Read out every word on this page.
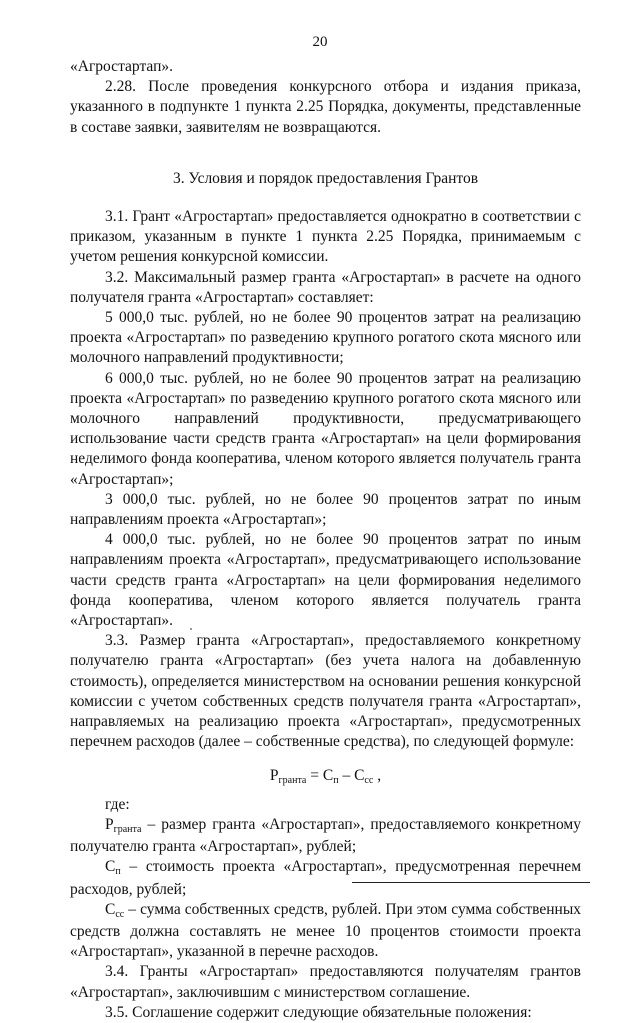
20

«Агростартап».

2.28. После проведения конкурсного отбора и издания приказа, указанного в подпункте 1 пункта 2.25 Порядка, документы, представленные в составе заявки, заявителям не возвращаются.

3. Условия и порядок предоставления Грантов

3.1. Грант «Агростартап» предоставляется однократно в соответствии с приказом, указанным в пункте 1 пункта 2.25 Порядка, принимаемым с учетом решения конкурсной комиссии.

3.2. Максимальный размер гранта «Агростартап» в расчете на одного получателя гранта «Агростартап» составляет:

5 000,0 тыс. рублей, но не более 90 процентов затрат на реализацию проекта «Агростартап» по разведению крупного рогатого скота мясного или молочного направлений продуктивности;

6 000,0 тыс. рублей, но не более 90 процентов затрат на реализацию проекта «Агростартап» по разведению крупного рогатого скота мясного или молочного направлений продуктивности, предусматривающего использование части средств гранта «Агростартап» на цели формирования неделимого фонда кооператива, членом которого является получатель гранта «Агростартап»;

3 000,0 тыс. рублей, но не более 90 процентов затрат по иным направлениям проекта «Агростартап»;

4 000,0 тыс. рублей, но не более 90 процентов затрат по иным направлениям проекта «Агростартап», предусматривающего использование части средств гранта «Агростартап» на цели формирования неделимого фонда кооператива, членом которого является получатель гранта «Агростартап».

3.3. Размер гранта «Агростартап», предоставляемого конкретному получателю гранта «Агростартап» (без учета налога на добавленную стоимость), определяется министерством на основании решения конкурсной комиссии с учетом собственных средств получателя гранта «Агростартап», направляемых на реализацию проекта «Агростартап», предусмотренных перечнем расходов (далее – собственные средства), по следующей формуле:

Pгранта = Cп – Cсс ,

где:

Pгранта – размер гранта «Агростартап», предоставляемого конкретному получателю гранта «Агростартап», рублей;

Cп – стоимость проекта «Агростартап», предусмотренная перечнем расходов, рублей;

Cсс – сумма собственных средств, рублей. При этом сумма собственных средств должна составлять не менее 10 процентов стоимости проекта «Агростартап», указанной в перечне расходов.

3.4. Гранты «Агростартап» предоставляются получателям грантов «Агростартап», заключившим с министерством соглашение.

3.5. Соглашение содержит следующие обязательные положения:
